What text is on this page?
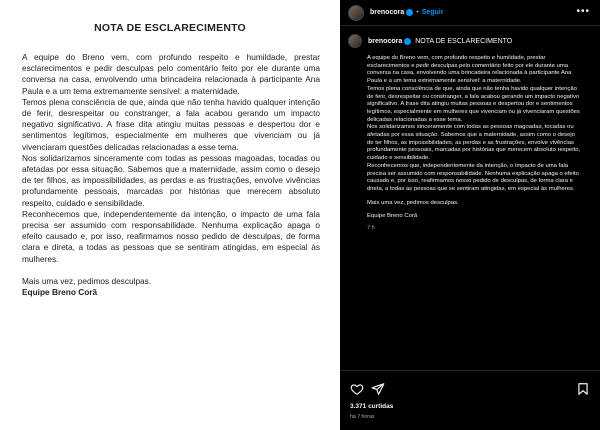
NOTA DE ESCLARECIMENTO

A equipe do Breno vem, com profundo respeito e humildade, prestar esclarecimentos e pedir desculpas pelo comentário feito por ele durante uma conversa na casa, envolvendo uma brincadeira relacionada à participante Ana Paula e a um tema extremamente sensível: a maternidade.

Temos plena consciência de que, ainda que não tenha havido qualquer intenção de ferir, desrespeitar ou constranger, a fala acabou gerando um impacto negativo significativo. A frase dita atingiu muitas pessoas e despertou dor e sentimentos legítimos, especialmente em mulheres que vivenciam ou já vivenciaram questões delicadas relacionadas a esse tema.

Nos solidarizamos sinceramente com todas as pessoas magoadas, tocadas ou afetadas por essa situação. Sabemos que a maternidade, assim como o desejo de ter filhos, as impossibilidades, as perdas e as frustrações, envolve vivências profundamente pessoais, marcadas por histórias que merecem absoluto respeito, cuidado e sensibilidade.

Reconhecemos que, independentemente da intenção, o impacto de uma fala precisa ser assumido com responsabilidade. Nenhuma explicação apaga o efeito causado e, por isso, reafirmamos nosso pedido de desculpas, de forma clara e direta, a todas as pessoas que se sentiram atingidas, em especial às mulheres.

Mais uma vez, pedimos desculpas.

Equipe Breno Corã

brenocora • Seguir	•••
brenocora NOTA DE ESCLARECIMENTO

A equipe do Breno vem, com profundo respeito e humildade, prestar esclarecimentos e pedir desculpas pelo comentário feito por ele durante uma conversa na casa, envolvendo uma brincadeira relacionada à participante Ana Paula e a um tema extremamente sensível: a maternidade.

Temos plena consciência de que, ainda que não tenha havido qualquer intenção de ferir, desrespeitar ou constranger, a fala acabou gerando um impacto negativo significativo. A frase dita atingiu muitas pessoas e despertou dor e sentimentos legítimos, especialmente em mulheres que vivenciam ou já vivenciaram questões delicadas relacionadas a esse tema.

Nos solidarizamos sinceramente com todas as pessoas magoadas, tocadas ou afetadas por essa situação. Sabemos que a maternidade, assim como o desejo de ter filhos, as impossibilidades, as perdas e as frustrações, envolve vivências profundamente pessoais, marcadas por histórias que merecem absoluto respeito, cuidado e sensibilidade.

Reconhecemos que, independentemente da intenção, o impacto de uma fala precisa ser assumido com responsabilidade. Nenhuma explicação apaga o efeito causado e, por isso, reafirmamos nosso pedido de desculpas, de forma clara e direta, a todas as pessoas que se sentiram atingidas, em especial às mulheres.

Mais uma vez, pedimos desculpas.

Equipe Breno Corã

7 h

3.371 curtidas
há 7 horas
